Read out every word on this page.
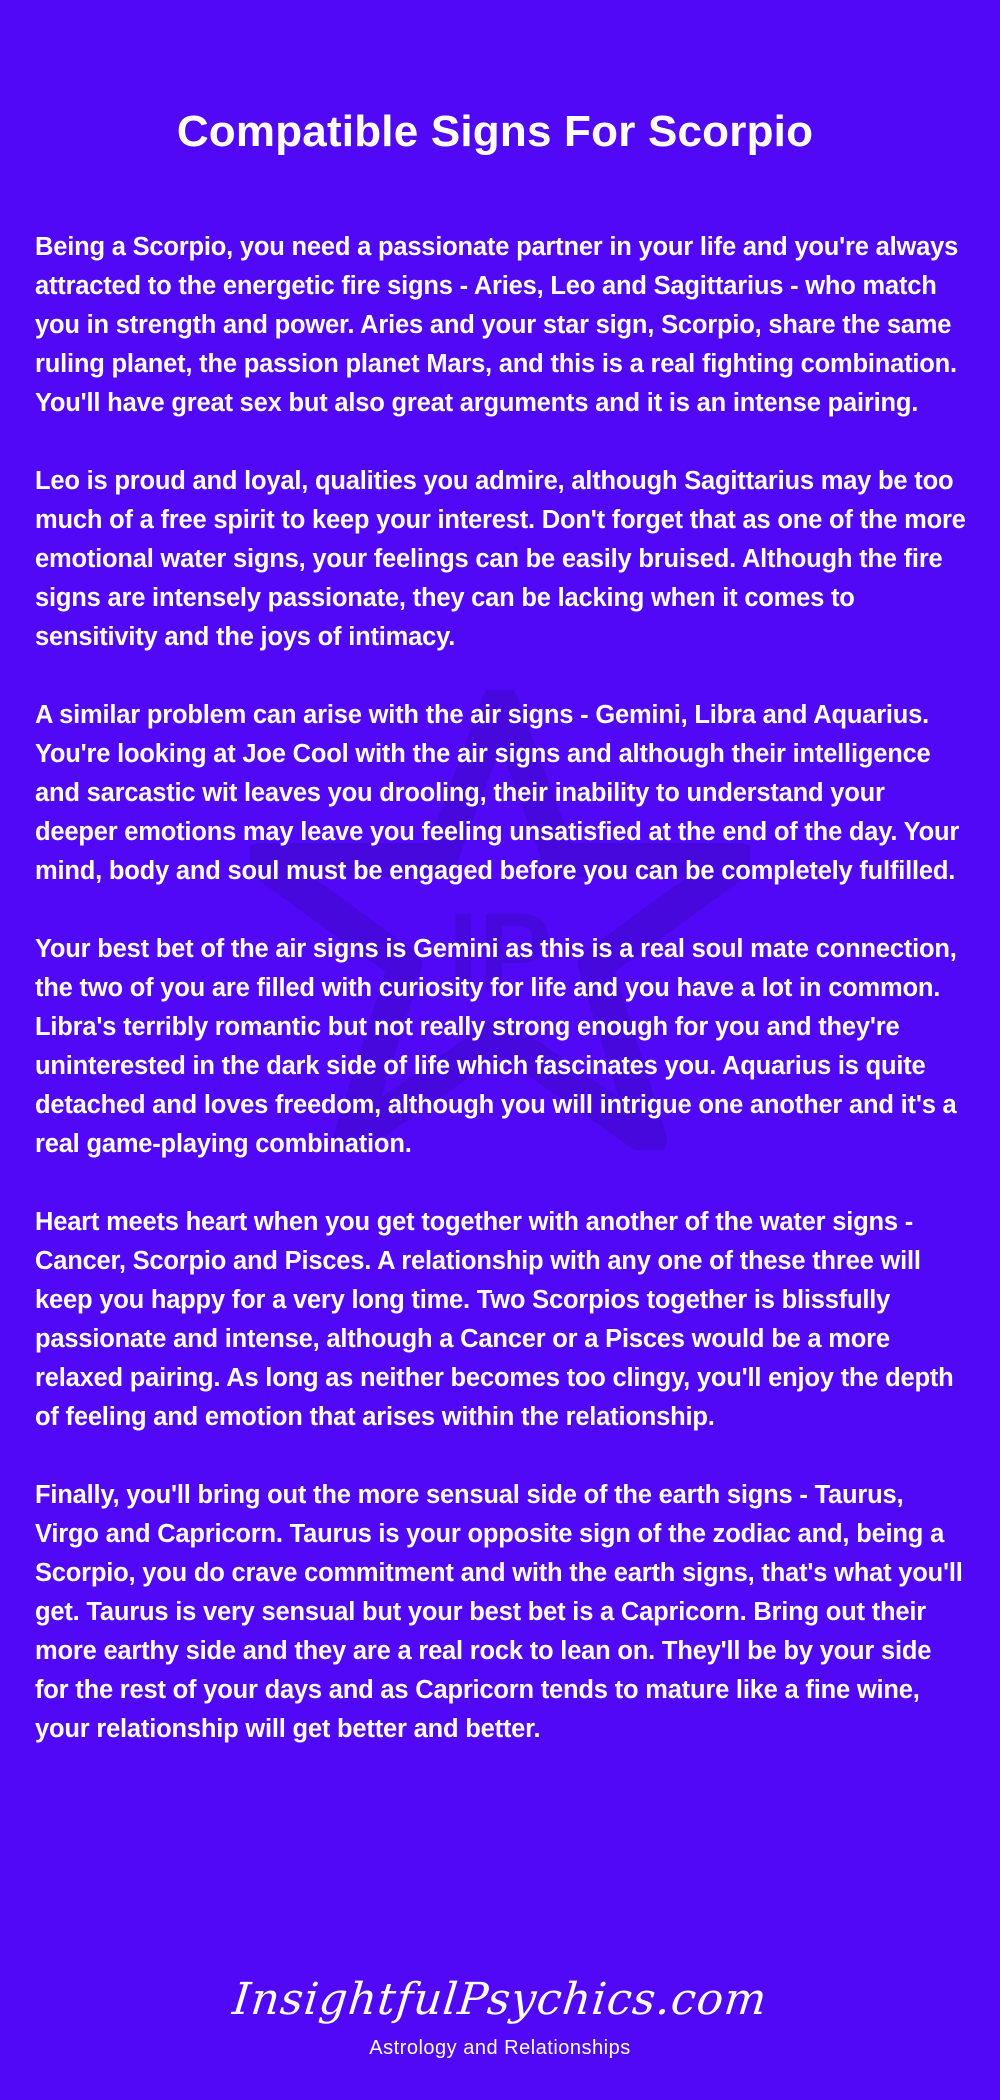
IP
Compatible Signs For Scorpio

Being a Scorpio, you need a passionate partner in your life and you're always attracted to the energetic fire signs - Aries, Leo and Sagittarius - who match you in strength and power. Aries and your star sign, Scorpio, share the same ruling planet, the passion planet Mars, and this is a real fighting combination. You'll have great sex but also great arguments and it is an intense pairing.

Leo is proud and loyal, qualities you admire, although Sagittarius may be too much of a free spirit to keep your interest. Don't forget that as one of the more emotional water signs, your feelings can be easily bruised. Although the fire signs are intensely passionate, they can be lacking when it comes to sensitivity and the joys of intimacy.

A similar problem can arise with the air signs - Gemini, Libra and Aquarius. You're looking at Joe Cool with the air signs and although their intelligence and sarcastic wit leaves you drooling, their inability to understand your deeper emotions may leave you feeling unsatisfied at the end of the day. Your mind, body and soul must be engaged before you can be completely fulfilled.

Your best bet of the air signs is Gemini as this is a real soul mate connection, the two of you are filled with curiosity for life and you have a lot in common. Libra's terribly romantic but not really strong enough for you and they're uninterested in the dark side of life which fascinates you. Aquarius is quite detached and loves freedom, although you will intrigue one another and it's a real game-playing combination.

Heart meets heart when you get together with another of the water signs - Cancer, Scorpio and Pisces. A relationship with any one of these three will keep you happy for a very long time. Two Scorpios together is blissfully passionate and intense, although a Cancer or a Pisces would be a more relaxed pairing. As long as neither becomes too clingy, you'll enjoy the depth of feeling and emotion that arises within the relationship.

Finally, you'll bring out the more sensual side of the earth signs - Taurus, Virgo and Capricorn. Taurus is your opposite sign of the zodiac and, being a Scorpio, you do crave commitment and with the earth signs, that's what you'll get. Taurus is very sensual but your best bet is a Capricorn. Bring out their more earthy side and they are a real rock to lean on. They'll be by your side for the rest of your days and as Capricorn tends to mature like a fine wine, your relationship will get better and better.

InsightfulPsychics.com
Astrology and Relationships
